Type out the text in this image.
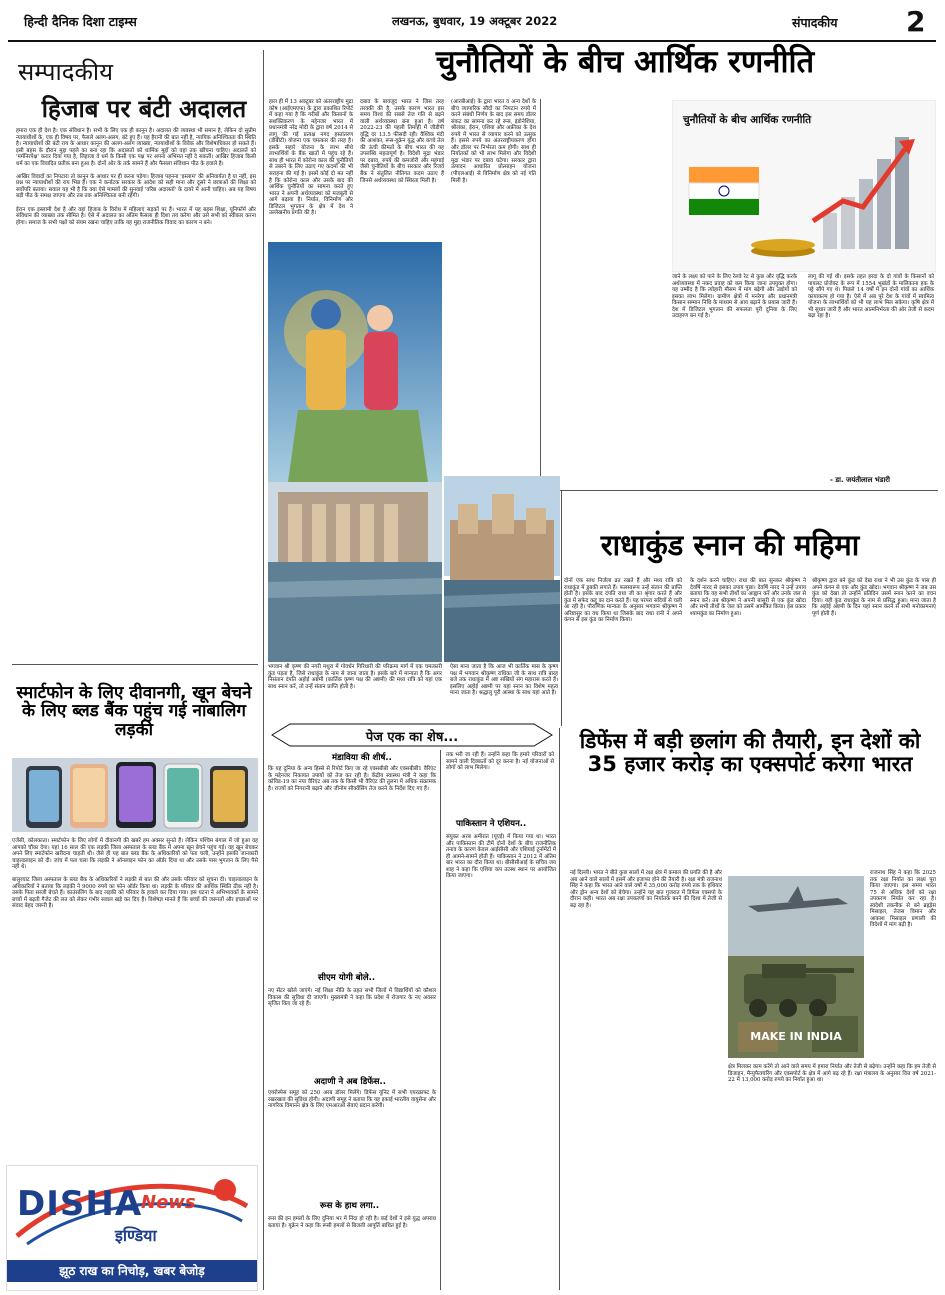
हिन्दी दैनिक दिशा टाइम्स	लखनऊ, बुधवार, 19 अक्टूबर 2022	संपादकीय 2
सम्पादकीय
हिजाब पर बंटी अदालत
हमारा एक ही देश है। एक संविधान है। सभी के लिए एक ही कानून है। अदालत की व्यवस्था भी समान है, लेकिन दो सुप्रीम न्यायाधीशों के, एक ही विषय पर, फैसले अलग-अलग, बंटे हुए हैं। यह हैरानी की बात नहीं है, न्यायिक अनिश्चितता की स्थिति है। न्यायाधीशों की बंटी राय के आधार कानून की अलग-अलग व्याख्या, न्यायाधीशों के विवेक और विशेषाधिकार हो सकते हैं। इसी बहस के दौरान मुद्दा पहले का बना रहा कि अदालतों को धार्मिक मुद्दों को वहां तक खींचना चाहिए। अदालतें को 'मर्मनिरपेक्ष' करार दिया गया है, लिहाजा वे धर्म के किसी एक पक्ष पर अपना अभिमत नहीं दे सकतीं। आखिर हिजाब किसी धर्म का एक विवादित प्रतीक बना हुआ है। दोनों ओर के तर्क सामने हैं और फैसला संविधान पीठ के हवाले है।

आखिर विवादों का निपटारा तो कानून के आधार पर ही करना पड़ेगा। हिजाब पहनना 'इस्लाम' की अनिवार्यता है या नहीं, इस प्रश्न पर न्यायाधीशों की राय भिन्न है। एक ने कर्नाटक सरकार के आदेश को सही माना और दूसरे ने छात्राओं की शिक्षा को सर्वोपरि बताया। सवाल यह भी है कि क्या ऐसे मामलों की सुनवाई 'वरिष्ठ अदालतों' के दायरे में आनी चाहिए। अब यह विषय बड़ी पीठ के समक्ष जाएगा और तब तक अनिश्चितता बनी रहेगी।

ईरान एक इस्लामी देश है और वहां हिजाब के विरोध में महिलाएं सड़कों पर हैं। भारत में यह बहस शिक्षा, यूनिफॉर्म और संविधान की व्याख्या तक सीमित है। ऐसे में अदालत का अंतिम फैसला ही दिशा तय करेगा और उसे सभी को स्वीकार करना होगा। समाज के सभी पक्षों को संयम रखना चाहिए ताकि यह मुद्दा राजनीतिक विवाद का कारण न बने।
स्मार्टफोन के लिए दीवानगी, खून बेचने के लिए ब्लड बैंक पहुंच गई नाबालिग लड़की
एजेंसी, कोलकाता। स्मार्टफोन के लिए लोगों में दीवानगी की खबरें हम अक्सर सुनते हैं। लेकिन पश्चिम बंगाल में जो हुआ वह आपको चौंका देगा। यहां 16 साल की एक लड़की जिला अस्पताल के ब्लड बैंक में अपना खून बेचने पहुंच गई। वह खून बेचकर अपने लिए स्मार्टफोन खरीदना चाहती थी। जैसे ही यह बात ब्लड बैंक के अधिकारियों को पता चली, उन्होंने इसकी जानकारी चाइल्डलाइन को दी। जांच में पता चला कि लड़की ने ऑनलाइन फोन का ऑर्डर दिया था और उसके पास भुगतान के लिए पैसे नहीं थे।

बालुरघाट जिला अस्पताल के ब्लड बैंक के अधिकारियों ने लड़की से बात की और उसके परिवार को सूचना दी। चाइल्डलाइन के अधिकारियों ने बताया कि लड़की ने 9000 रुपये का फोन ऑर्डर किया था। लड़की के परिवार की आर्थिक स्थिति ठीक नहीं है। उसके पिता सब्जी बेचते हैं। काउंसलिंग के बाद लड़की को परिवार के हवाले कर दिया गया। इस घटना ने अभिभावकों के सामने बच्चों में बढ़ती गैजेट की लत को लेकर गंभीर सवाल खड़े कर दिए हैं। विशेषज्ञ मानते हैं कि बच्चों की जरूरतों और इच्छाओं पर संवाद बेहद जरूरी है।
DISHA
News
इण्डिया
झूठ राख का निचोड़, खबर बेजोड़
चुनौतियों के बीच आर्थिक रणनीति
हाल ही में 13 अक्टूबर को अंतरराष्ट्रीय मुद्रा कोष (आईएमएफ) के द्वारा प्रकाशित रिपोर्ट में कहा गया है कि गरीबों और किसानों के सशक्तिकरण के मद्देनजर भारत में प्रधानमंत्री नरेंद्र मोदी के द्वारा वर्ष 2014 से लागू की गई प्रत्यक्ष नगद हस्तांतरण (डीबीटी) योजना एक चमत्कार की तरह है। इसके सहारे योजना के लाभ सीधे लाभार्थियों के बैंक खातों में पहुंच रहे हैं। साथ ही भारत में कोरोना काल की चुनौतियों से उबरने के लिए उठाए गए कदमों की भी सराहना की गई है। इसमें कोई दो मत नहीं है कि कोरोना काल और उसके बाद की आर्थिक चुनौतियों का सामना करते हुए भारत ने अपनी अर्थव्यवस्था को मजबूती से आगे बढ़ाया है। निर्यात, विनिर्माण और डिजिटल भुगतान के क्षेत्र में देश ने उल्लेखनीय प्रगति की है।
दबाव के बावजूद भारत ने जिस तरह तरक्की की है, उसके कारण भारत इस समय विश्व की सबसे तेज गति से बढ़ने वाली अर्थव्यवस्था बना हुआ है। वर्ष 2022-23 की पहली तिमाही में जीडीपी वृद्धि दर 13.5 फीसदी रही। वैश्विक मंदी की आशंका, रूस-यूक्रेन युद्ध और कच्चे तेल की ऊंची कीमतों के बीच भारत की यह उपलब्धि महत्वपूर्ण है। विदेशी मुद्रा भंडार पर दबाव, रुपये की कमजोरी और महंगाई जैसी चुनौतियों के बीच सरकार और रिजर्व बैंक ने संतुलित नीतिगत कदम उठाए हैं जिनसे अर्थव्यवस्था को स्थिरता मिली है।
(आरबीआई) के द्वारा भारत व अन्य देशों के बीच व्यापारिक सौदों का निपटान रुपये में करने संबंधी निर्णय के बाद इस समय डॉलर संकट का सामना कर रहे रूस, इंडोनेशिया, श्रीलंका, ईरान, एशिया और अफ्रीका के देश रुपये में भारत से व्यापार करने को उत्सुक हैं। इससे रुपये का अंतरराष्ट्रीयकरण होगा और डॉलर पर निर्भरता कम होगी। साथ ही निर्यातकों को भी लाभ मिलेगा और विदेशी मुद्रा भंडार पर दबाव घटेगा। सरकार द्वारा उत्पादन आधारित प्रोत्साहन योजना (पीएलआई) से विनिर्माण क्षेत्र को नई गति मिली है।
चुनौतियों के बीच आर्थिक रणनीति
जाने के लक्ष्य को पाने के लिए रेलवे रेट से कुछ और वृद्धि करके अर्थव्यवस्था में नकद प्रवाह को कम किया जाना उपयुक्त होगा। यह उम्मीद है कि त्योहारी मौसम में मांग बढ़ेगी और उद्योगों को इसका लाभ मिलेगा। ग्रामीण क्षेत्रों में मनरेगा और प्रधानमंत्री किसान सम्मान निधि के माध्यम से आय बढ़ाने के प्रयास जारी हैं। देश में डिजिटल भुगतान की सफलता पूरी दुनिया के लिए उदाहरण बन गई है।
लागू की गई थी। इसके तहत हरदा के दो गांवों के किसानों को पायलट प्रोजेक्ट के रूप में 1554 भूखंडों के मालिकाना हक के पट्टे सौंपे गए थे। पिछले 14 वर्षों में इन दोनों गांवों का आर्थिक कायाकल्प हो गया है। ऐसे में अब पूरे देश के गांवों में स्वामित्व योजना के लाभार्थियों को भी यह लाभ मिल सकेगा। कृषि क्षेत्र में भी सुधार जारी हैं और भारत आत्मनिर्भरता की ओर तेजी से कदम बढ़ा रहा है।
- डा. जयंतीलाल भंडारी
भगवान श्री कृष्ण की नगरी मथुरा में गोवर्धन गिरिधारी की परिक्रमा मार्ग में एक चमत्कारी कुंड पड़ता है, जिसे राधाकुंड के नाम से जाना जाता है। इसके बारे में मान्यता है कि अगर निसंतान दंपति अहोई अष्टमी (कार्तिक कृष्ण पक्ष की अष्टमी) की मध्य रात्रि को यहां एक साथ स्नान करें, तो उन्हें संतान प्राप्ति होती है।
ऐसा माना जाता है कि आज भी कार्तिक मास के कृष्ण पक्ष में भगवान श्रीकृष्ण राधिका जी के साथ रात्रि बारह बजे तक राधाकुंड में अष्ट सखियों संग महारास करते हैं। इसलिए अहोई अष्टमी पर यहां स्नान का विशेष महत्व माना जाता है। श्रद्धालु पूरी आस्था के साथ यहां आते हैं।
राधाकुंड स्नान की महिमा
दोनों एक साथ निर्जला व्रत रखते हैं और मध्य रात्रि को राधाकुंड में डुबकी लगाते हैं। फलस्वरूप उन्हें संतान की प्राप्ति होती है। इसके बाद दंपति राधा जी का श्रृंगार करते हैं और कुंड में सफेद कद्दू का दान करते हैं। यह परंपरा सदियों से चली आ रही है। पौराणिक मान्यता के अनुसार भगवान श्रीकृष्ण ने अरिष्टासुर का वध किया था जिसके बाद राधा रानी ने अपने कंगन से इस कुंड का निर्माण किया।
के दर्शन करने चाहिए। राधा की बात सुनकर श्रीकृष्ण ने देवर्षि नारद से इसका उपाय पूछा। देवर्षि नारद ने उन्हें उपाय बताया कि वह सभी तीर्थों का आह्वान करें और उनके जल से स्नान करें। तब श्रीकृष्ण ने अपनी बांसुरी से एक कुंड खोदा और सभी तीर्थों के जल को उसमें आमंत्रित किया। इस प्रकार श्यामकुंड का निर्माण हुआ।
श्रीकृष्ण द्वारा बने कुंड को देख राधा ने भी उस कुंड के पास ही अपने कंगन से एक और कुंड खोदा। भगवान श्रीकृष्ण ने जब उस कुंड को देखा तो उन्होंने प्रतिदिन उसमें स्नान करने का वचन दिया। यही कुंड राधाकुंड के नाम से प्रसिद्ध हुआ। माना जाता है कि अहोई अष्टमी के दिन यहां स्नान करने से सभी मनोकामनाएं पूर्ण होती हैं।
पेज एक का शेष...
मंडाविया की शीर्ष..
कि यह दुनिया के अन्य हिस्से से रिपोर्ट किए जा रहे एक्सबीबी और एक्सबीबी1 वैरिएंट के मद्देनजर निकायत उपायों को तेज कर रही है। केंद्रीय स्वास्थ्य मंत्री ने कहा कि कोविड-19 का नया वैरिएंट अब तक के किसी भी वैरिएंट की तुलना में अधिक संक्रामक है। राज्यों को निगरानी बढ़ाने और जीनोम सीक्वेंसिंग तेज करने के निर्देश दिए गए हैं।
सीएम योगी बोले..
नए सेंटर खोले जाएंगे। नई शिक्षा नीति के तहत सभी जिलों में विद्यार्थियों को कौशल विकास की सुविधा दी जाएगी। मुख्यमंत्री ने कहा कि प्रदेश में रोजगार के नए अवसर सृजित किए जा रहे हैं।
अदाणी ने अब डिफेंस..
एयरोस्पेस समूह को 250 अरब डॉलर मिलेंगे। डिफेंस यूनिट में सभी एयरक्राफ्ट के रखरखाव की सुविधा होगी। अदाणी समूह ने बताया कि यह इकाई भारतीय वायुसेना और नागरिक विमानन क्षेत्र के लिए एमआरओ सेवाएं प्रदान करेगी।
रूस के हाथ लगा..
रूस की इन हमलों के लिए दुनिया भर में निंदा हो रही है। कई देशों ने इसे युद्ध अपराध बताया है। यूक्रेन ने कहा कि रूसी हमलों से बिजली आपूर्ति बाधित हुई है।
तक भरी जा रही हैं। उन्होंने कहा कि हमारे परिवारों को सामने वाली दिक्कतों को दूर करना है। नई योजनाओं से लोगों को लाभ मिलेगा।
पाकिस्तान ने एशियन..
संयुक्त अरब अमीरात (यूएई) में किया गया था। भारत और पाकिस्तान की टीमें दोनों देशों के बीच राजनीतिक तनाव के कारण केवल आईसीसी और एशियाई टूर्नामेंटों में ही आमने-सामने होती हैं। पाकिस्तान ने 2012 में अंतिम बार भारत का दौरा किया था। बीसीसीआई के सचिव जय शाह ने कहा कि एशिया कप तटस्थ स्थान पर आयोजित किया जाएगा।
डिफेंस में बड़ी छलांग की तैयारी, इन देशों को 35 हजार करोड़ का एक्सपोर्ट करेगा भारत
MAKE IN INDIA
नई दिल्ली। भारत ने बीते कुछ सालों में रक्षा क्षेत्र में कमाल की प्रगति की है और अब आने वाले सालों में इसमें और इजाफा होने की तैयारी है। रक्षा मंत्री राजनाथ सिंह ने कहा कि भारत आने वाले वर्षों में 35,000 करोड़ रुपये तक के हथियार और ड्रोन अन्य देशों को बेचेगा। उन्होंने यह बात गुजरात में डिफेंस एक्सपो के दौरान कही। भारत अब रक्षा उपकरणों का निर्यातक बनने की दिशा में तेजी से बढ़ रहा है।
राजनाथ सिंह ने कहा कि 2025 तक रक्षा निर्यात का लक्ष्य पूरा किया जाएगा। इस समय भारत 75 से अधिक देशों को रक्षा उपकरण निर्यात कर रहा है। स्वदेशी तकनीक से बने ब्रह्मोस मिसाइल, तेजस विमान और आकाश मिसाइल प्रणाली की विदेशों में मांग बढ़ी है।
क्षेत्र मिलकर काम करेंगे तो आने वाले समय में हमारा निर्यात और तेजी से बढ़ेगा। उन्होंने कहा कि हम तेजी से डिजाइन, मैन्युफैक्चरिंग और एक्सपोर्ट के क्षेत्र में आगे बढ़ रहे हैं। रक्षा मंत्रालय के अनुसार वित्त वर्ष 2021-22 में 13,000 करोड़ रुपये का निर्यात हुआ था।
